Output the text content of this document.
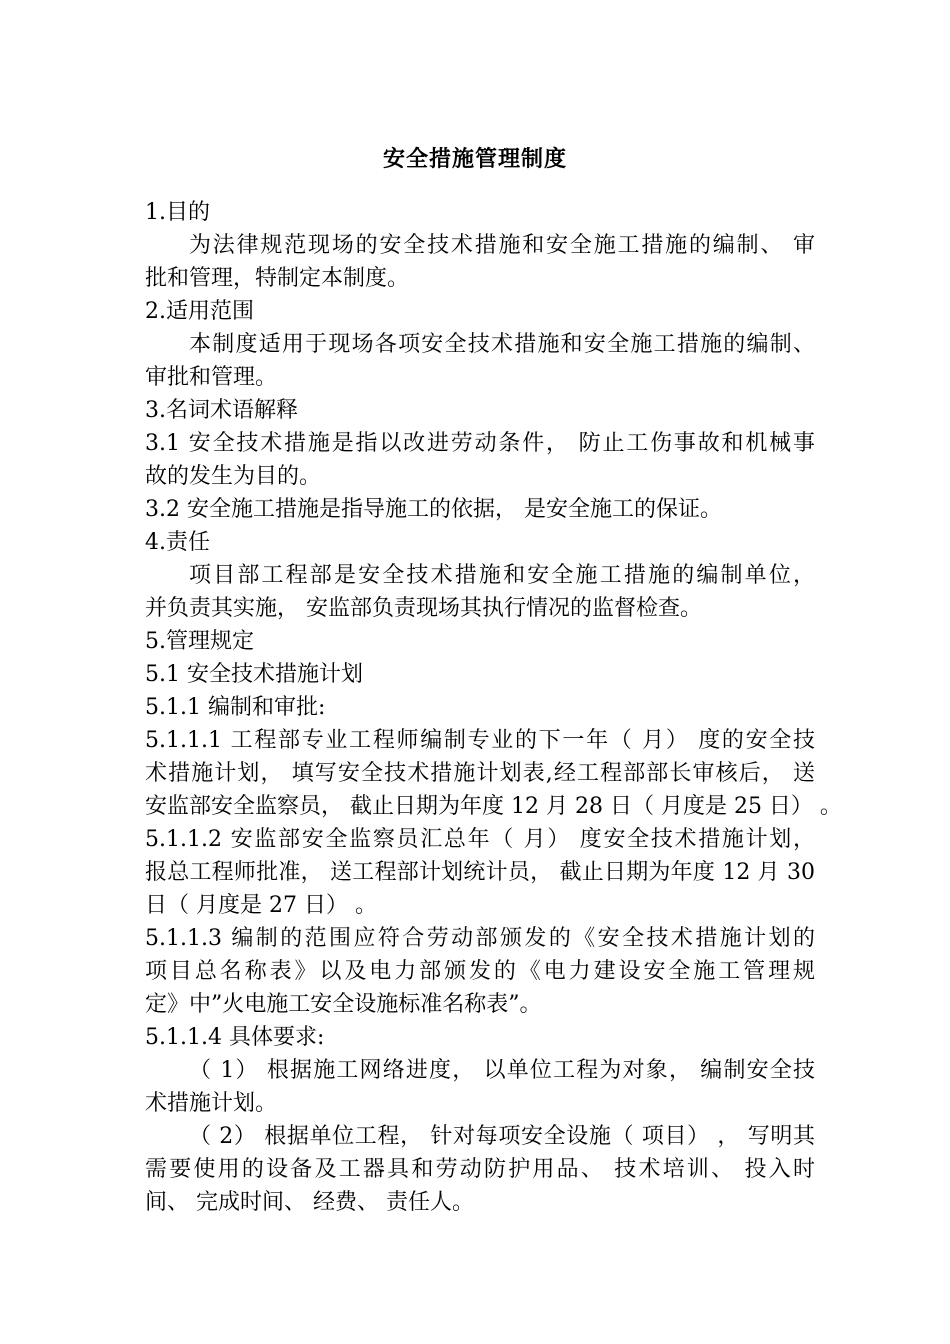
安全措施管理制度
1.目的
为法律规范现场的安全技术措施和安全施工措施的编制、 审
批和管理，特制定本制度。
2.适用范围
本制度适用于现场各项安全技术措施和安全施工措施的编制、
审批和管理。
3.名词术语解释
3.1 安全技术措施是指以改进劳动条件， 防止工伤事故和机械事
故的发生为目的。
3.2 安全施工措施是指导施工的依据， 是安全施工的保证。
4.责任
项目部工程部是安全技术措施和安全施工措施的编制单位，
并负责其实施， 安监部负责现场其执行情况的监督检查。
5.管理规定
5.1 安全技术措施计划
5.1.1 编制和审批:
5.1.1.1 工程部专业工程师编制专业的下一年（ 月） 度的安全技
术措施计划， 填写安全技术措施计划表,经工程部部长审核后， 送
安监部安全监察员， 截止日期为年度 12 月 28 日（ 月度是 25 日） 。
5.1.1.2 安监部安全监察员汇总年（ 月） 度安全技术措施计划，
报总工程师批准， 送工程部计划统计员， 截止日期为年度 12 月 30
日（ 月度是 27 日） 。
5.1.1.3 编制的范围应符合劳动部颁发的《安全技术措施计划的
项目总名称表》以及电力部颁发的《电力建设安全施工管理规
定》中”火电施工安全设施标准名称表”。
5.1.1.4 具体要求:
（ 1） 根据施工网络进度， 以单位工程为对象， 编制安全技
术措施计划。
（ 2） 根据单位工程， 针对每项安全设施（ 项目） ， 写明其
需要使用的设备及工器具和劳动防护用品、 技术培训、 投入时
间、 完成时间、 经费、 责任人。
